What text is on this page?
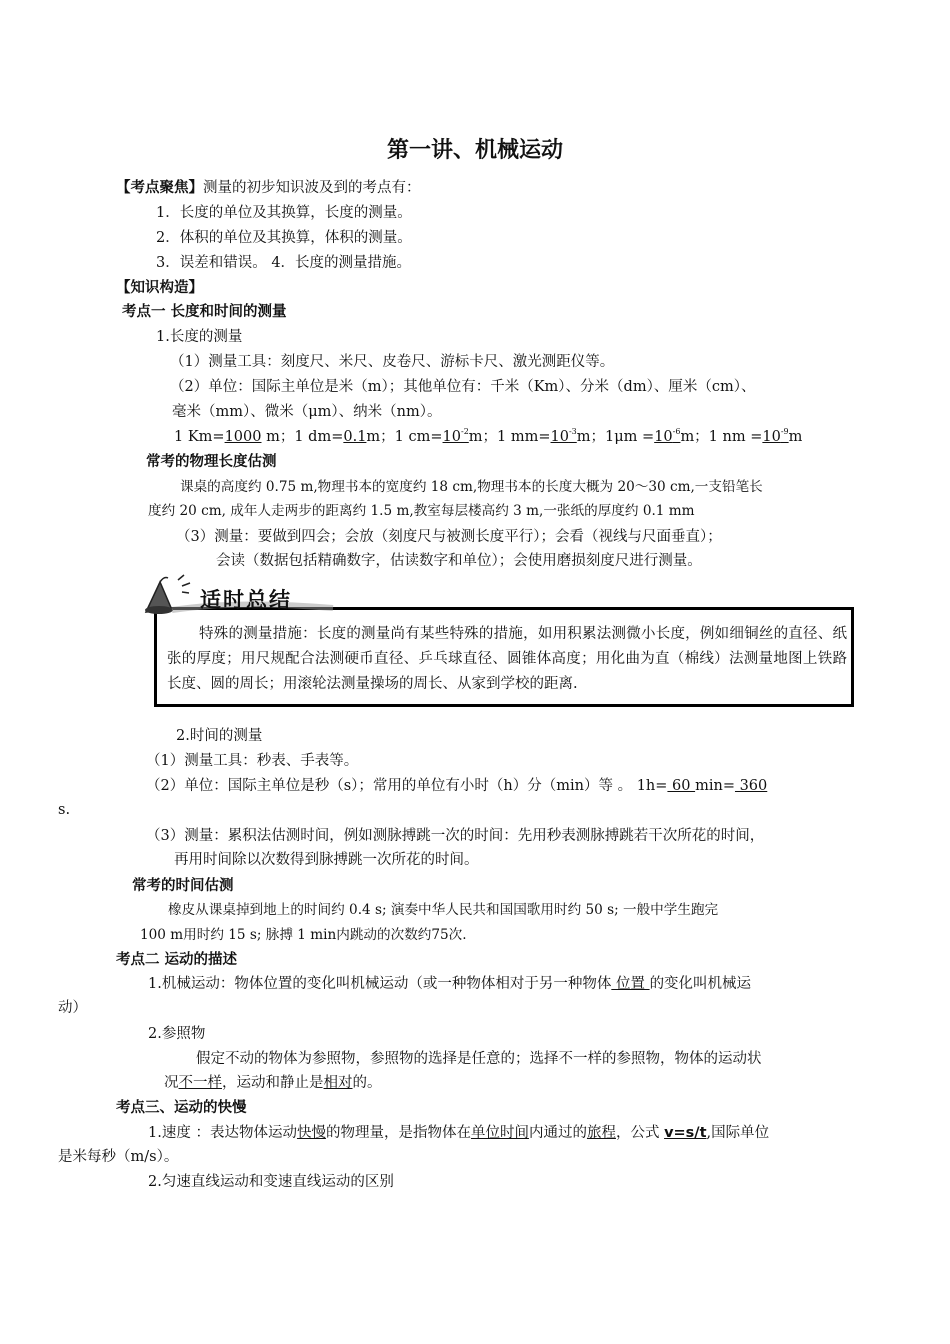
第一讲、机械运动
【考点聚焦】测量的初步知识波及到的考点有：
1．长度的单位及其换算，长度的测量。
2．体积的单位及其换算，体积的测量。
3．误差和错误。 4．长度的测量措施。
【知识构造】
考点一 长度和时间的测量
1.长度的测量
（1）测量工具：刻度尺、米尺、皮卷尺、游标卡尺、激光测距仪等。
（2）单位：国际主单位是米（m）；其他单位有：千米（Km）、分米（dm）、厘米（cm）、
毫米（mm）、微米（μm）、纳米（nm）。
1 Km=1000 m；1 dm=0.1m；1 $cm=10^{-2}m$；1 $mm=10^{-3}m$；$1\mu m =10^{-6}m$；1 nm $=10^{-9}m$
常考的物理长度估测
课桌的高度约 0.75 m,物理书本的宽度约 18 cm,物理书本的长度大概为 20～30 cm,一支铅笔长
度约 20 cm, 成年人走两步的距离约 1.5 m,教室每层楼高约 3 m,一张纸的厚度约 0.1 mm
（3）测量：要做到四会；会放（刻度尺与被测长度平行）；会看（视线与尺面垂直）；
会读（数据包括精确数字，估读数字和单位）；会使用磨损刻度尺进行测量。
特殊的测量措施：长度的测量尚有某些特殊的措施，如用积累法测微小长度，例如细铜丝的直径、纸张的厚度；用尺规配合法测硬币直径、乒乓球直径、圆锥体高度；用化曲为直（棉线）法测量地图上铁路长度、圆的周长；用滚轮法测量操场的周长、从家到学校的距离.
适时总结
2.时间的测量
（1）测量工具：秒表、手表等。
（2）单位：国际主单位是秒（s）；常用的单位有小时（h）分（min）等 。 1h= 60 min= 360
s.
（3）测量：累积法估测时间，例如测脉搏跳一次的时间：先用秒表测脉搏跳若干次所花的时间，
再用时间除以次数得到脉搏跳一次所花的时间。
常考的时间估测
橡皮从课桌掉到地上的时间约 0.4 s; 演奏中华人民共和国国歌用时约 50 s; 一般中学生跑完
100 m用时约 15 s; 脉搏 1 min内跳动的次数约75次.
考点二 运动的描述
1.机械运动：物体位置的变化叫机械运动（或一种物体相对于另一种物体 位置 的变化叫机械运
动）
2.参照物
假定不动的物体为参照物，参照物的选择是任意的；选择不一样的参照物，物体的运动状
况不一样，运动和静止是相对的。
考点三、运动的快慢
1.速度 ：表达物体运动快慢的物理量，是指物体在单位时间内通过的旅程，公式 v=s/t,国际单位
是米每秒（m/s）。
2.匀速直线运动和变速直线运动的区别
